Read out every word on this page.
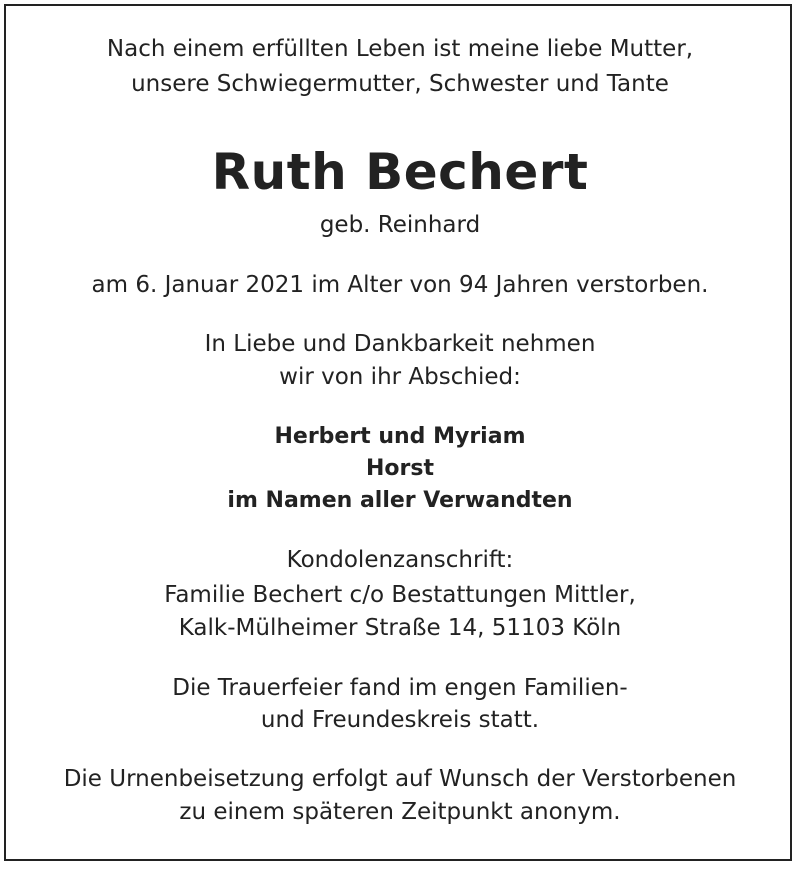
Nach einem erfüllten Leben ist meine liebe Mutter,
unsere Schwiegermutter, Schwester und Tante
Ruth Bechert
geb. Reinhard
am 6. Januar 2021 im Alter von 94 Jahren verstorben.
In Liebe und Dankbarkeit nehmen
wir von ihr Abschied:
Herbert und Myriam
Horst
im Namen aller Verwandten
Kondolenzanschrift:
Familie Bechert c/o Bestattungen Mittler,
Kalk-Mülheimer Straße 14, 51103 Köln
Die Trauerfeier fand im engen Familien-
und Freundeskreis statt.
Die Urnenbeisetzung erfolgt auf Wunsch der Verstorbenen
zu einem späteren Zeitpunkt anonym.
